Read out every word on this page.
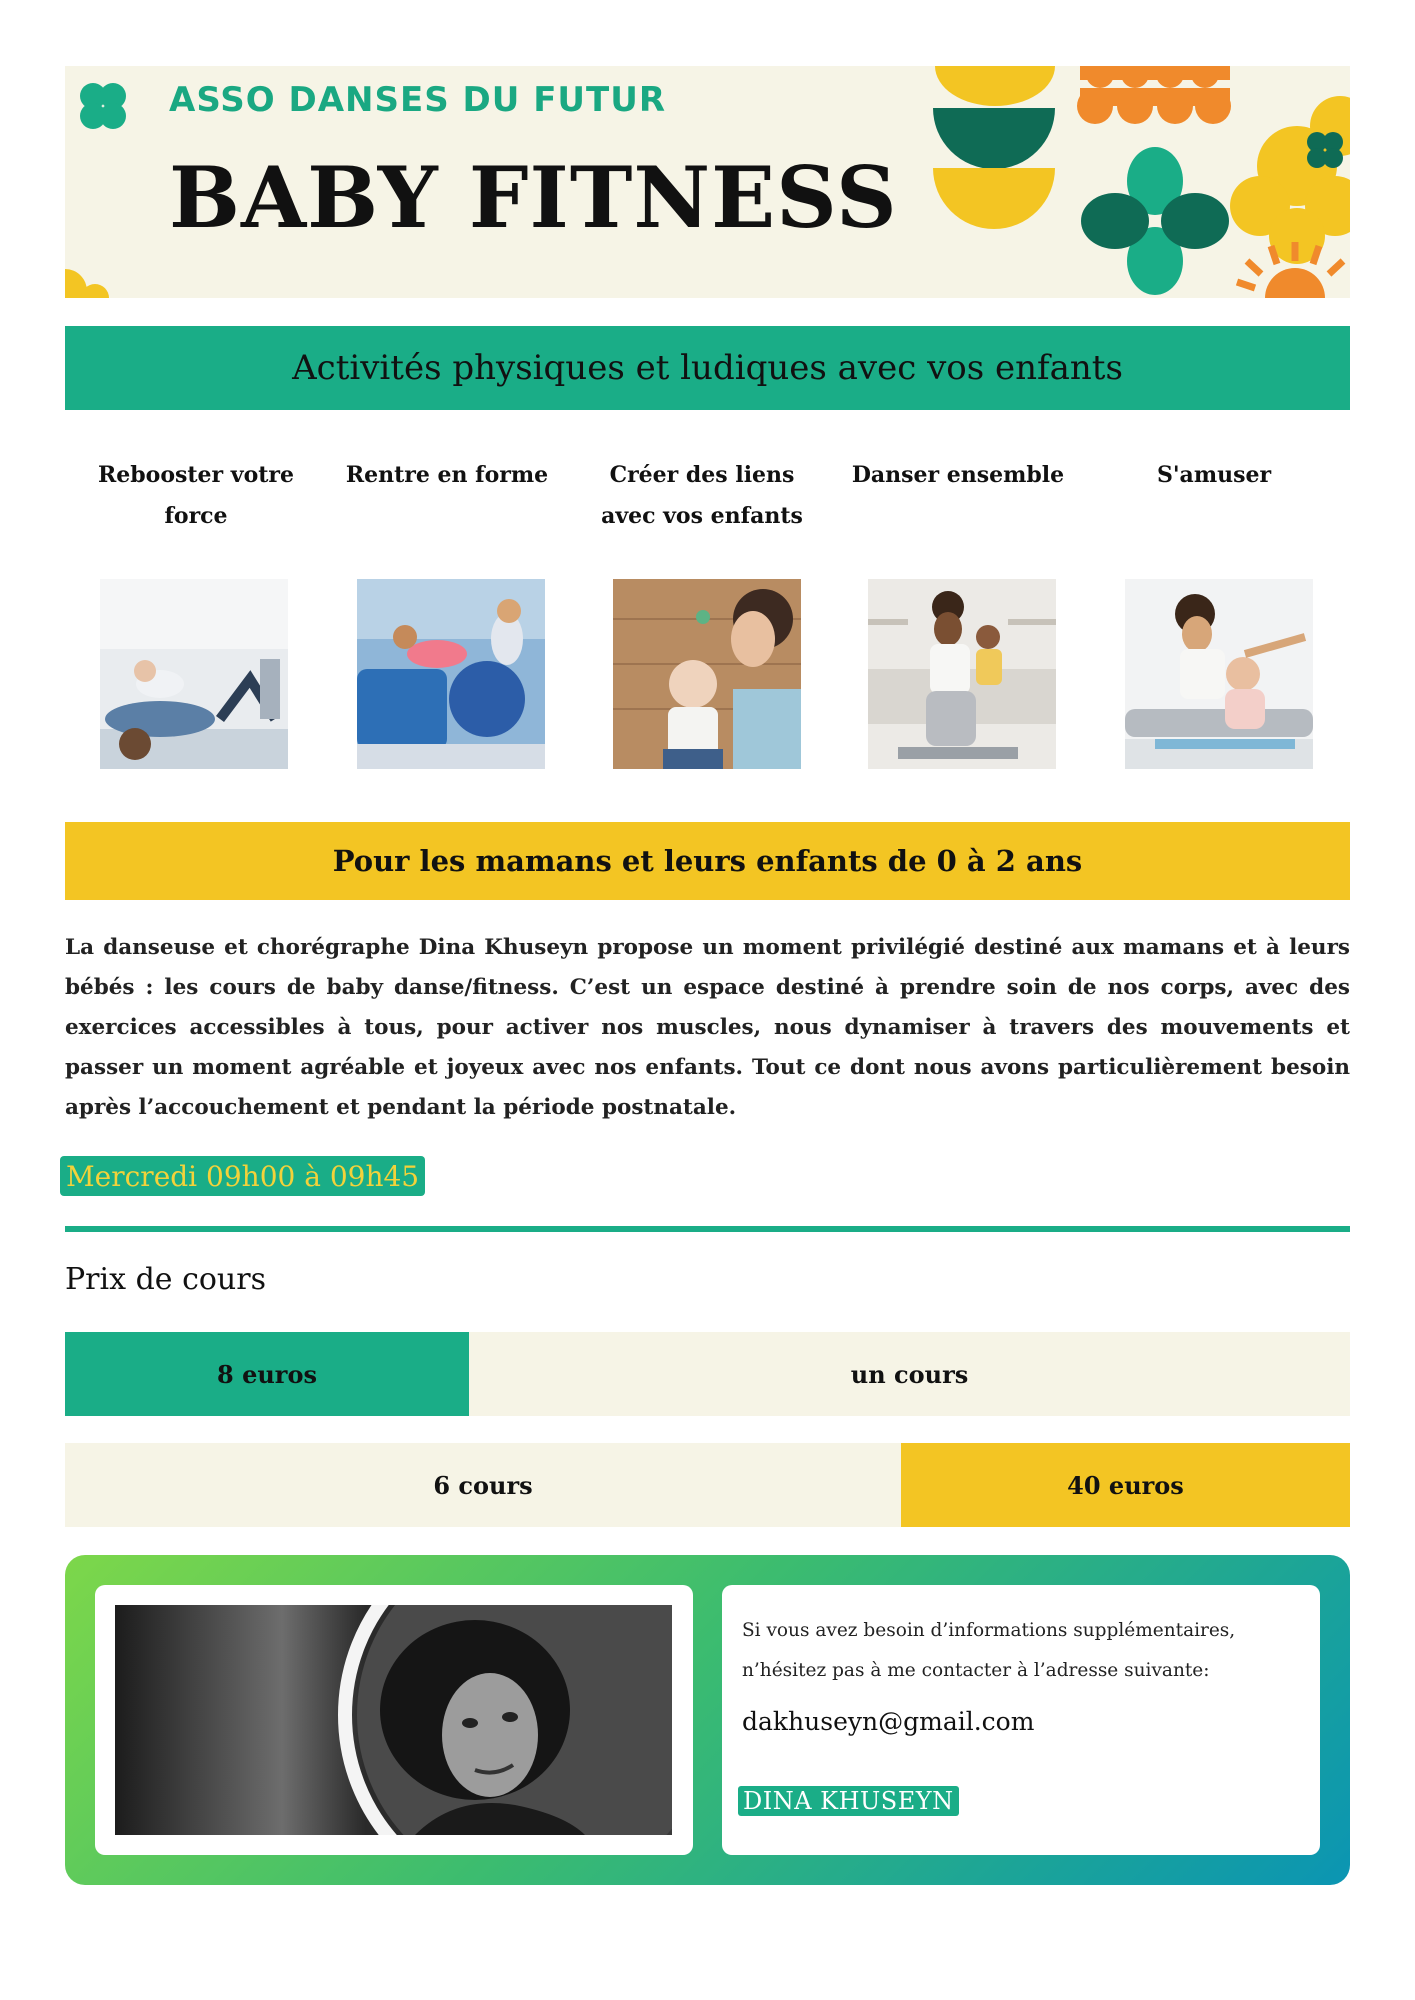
ASSO DANSES DU FUTUR
BABY FITNESS
Activités physiques et ludiques avec vos enfants
Rebooster votre force
Rentre en forme	Créer des liens avec vos enfants
Danser ensemble	S'amuser
Pour les mamans et leurs enfants de 0 à 2 ans

La danseuse et chorégraphe Dina Khuseyn propose un moment privilégié destiné aux mamans et à leurs bébés : les cours de baby danse/fitness. C’est un espace destiné à prendre soin de nos corps, avec des exercices accessibles à tous, pour activer nos muscles, nous dynamiser à travers des mouvements et passer un moment agréable et joyeux avec nos enfants. Tout ce dont nous avons particulièrement besoin après l’accouchement et pendant la période postnatale.

Mercredi 09h00 à 09h45
Prix de cours
8 euros	un cours
6 cours	40 euros

Si vous avez besoin d’informations supplémentaires, n’hésitez pas à me contacter à l’adresse suivante:

dakhuseyn@gmail.com
DINA KHUSEYN
